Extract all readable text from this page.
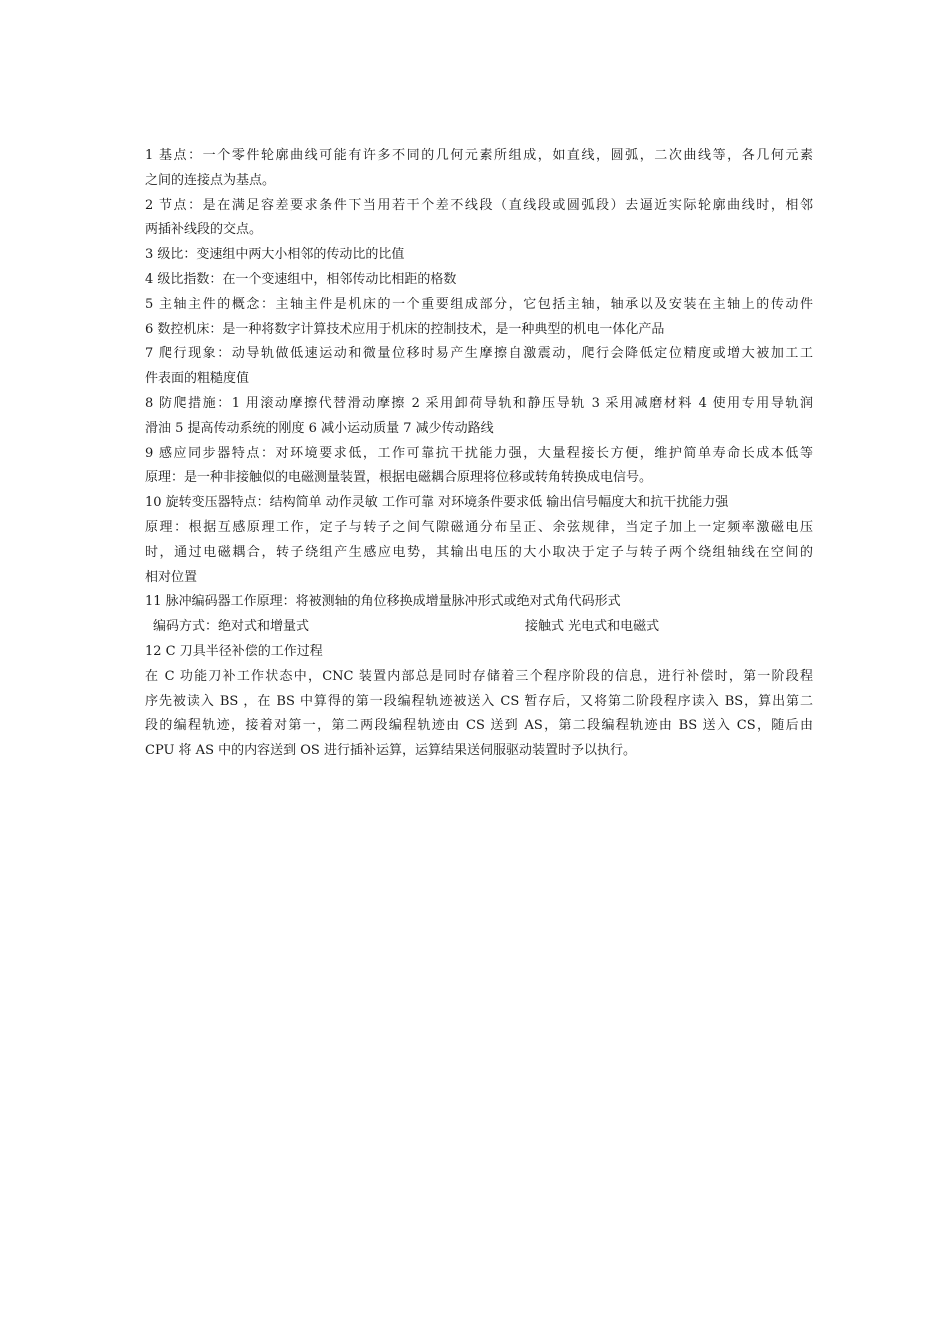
1 基点：一个零件轮廓曲线可能有许多不同的几何元素所组成，如直线，圆弧，二次曲线等，各几何元素
之间的连接点为基点。
2 节点：是在满足容差要求条件下当用若干个差不线段（直线段或圆弧段）去逼近实际轮廓曲线时，相邻
两插补线段的交点。
3 级比：变速组中两大小相邻的传动比的比值
4 级比指数：在一个变速组中，相邻传动比相距的格数
5 主轴主件的概念：主轴主件是机床的一个重要组成部分，它包括主轴，轴承以及安装在主轴上的传动件
6 数控机床：是一种将数字计算技术应用于机床的控制技术，是一种典型的机电一体化产品
7 爬行现象：动导轨做低速运动和微量位移时易产生摩擦自激震动，爬行会降低定位精度或增大被加工工
件表面的粗糙度值
8 防爬措施：1 用滚动摩擦代替滑动摩擦 2 采用卸荷导轨和静压导轨 3 采用减磨材料 4 使用专用导轨润
滑油 5 提高传动系统的刚度 6 减小运动质量 7 减少传动路线
9 感应同步器特点：对环境要求低，工作可靠抗干扰能力强，大量程接长方便，维护简单寿命长成本低等
原理：是一种非接触似的电磁测量装置，根据电磁耦合原理将位移或转角转换成电信号。
10 旋转变压器特点：结构简单 动作灵敏 工作可靠 对环境条件要求低 输出信号幅度大和抗干扰能力强
原理：根据互感原理工作，定子与转子之间气隙磁通分布呈正、余弦规律，当定子加上一定频率激磁电压
时，通过电磁耦合，转子绕组产生感应电势，其输出电压的大小取决于定子与转子两个绕组轴线在空间的
相对位置
11 脉冲编码器工作原理：将被测轴的角位移换成增量脉冲形式或绝对式角代码形式
编码方式：绝对式和增量式	接触式 光电式和电磁式
12 C 刀具半径补偿的工作过程
在 C 功能刀补工作状态中，CNC 装置内部总是同时存储着三个程序阶段的信息，进行补偿时，第一阶段程
序先被读入 BS ，在 BS 中算得的第一段编程轨迹被送入 CS 暂存后，又将第二阶段程序读入 BS，算出第二
段的编程轨迹，接着对第一，第二两段编程轨迹由 CS 送到 AS，第二段编程轨迹由 BS 送入 CS，随后由
CPU 将 AS 中的内容送到 OS 进行插补运算，运算结果送伺服驱动装置时予以执行。
